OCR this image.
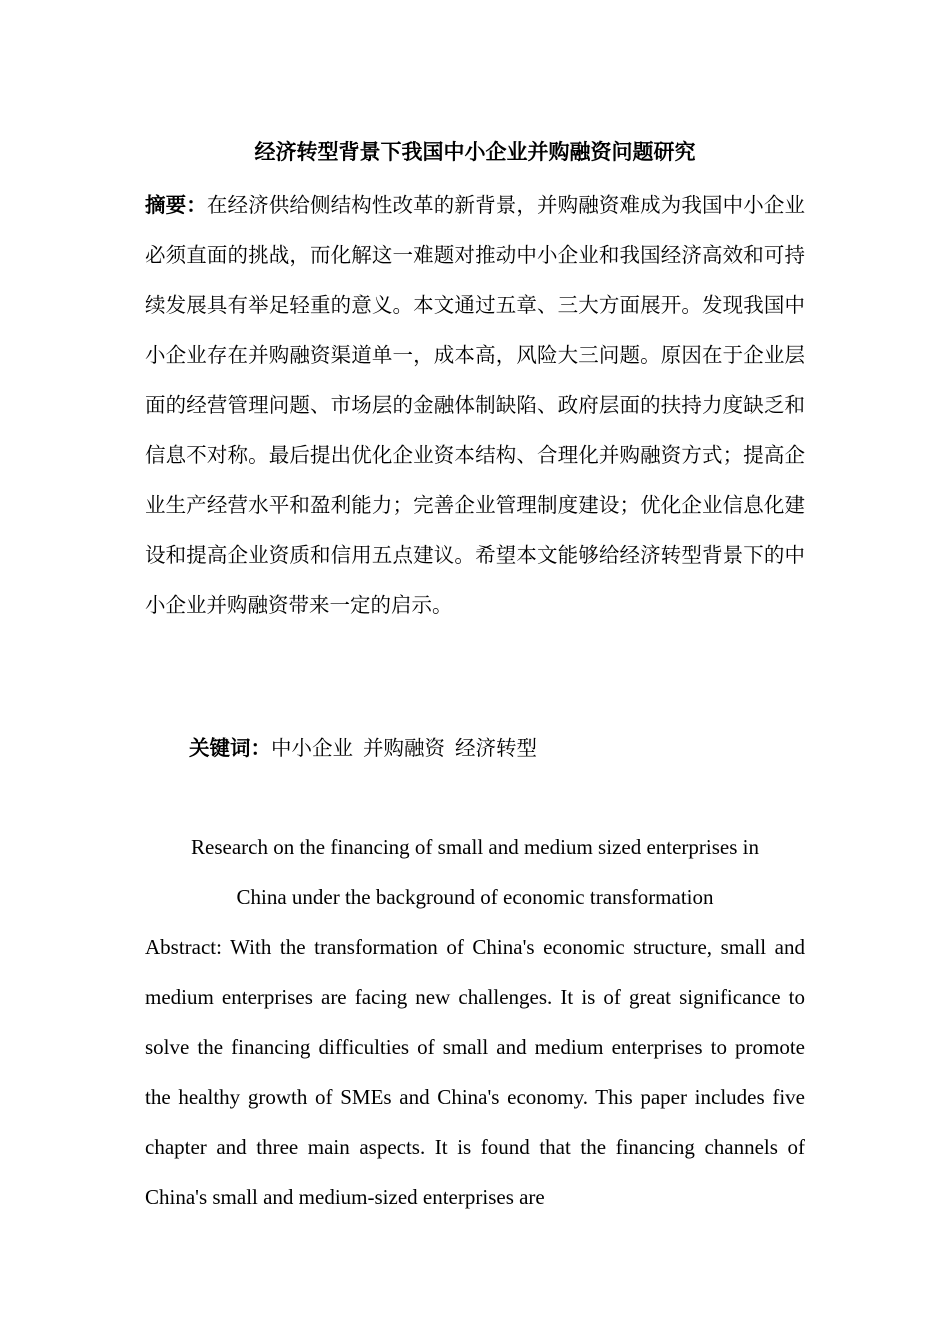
经济转型背景下我国中小企业并购融资问题研究
摘要：在经济供给侧结构性改革的新背景，并购融资难成为我国中小企业必须直面的挑战，而化解这一难题对推动中小企业和我国经济高效和可持续发展具有举足轻重的意义。本文通过五章、三大方面展开。发现我国中小企业存在并购融资渠道单一，成本高，风险大三问题。原因在于企业层面的经营管理问题、市场层的金融体制缺陷、政府层面的扶持力度缺乏和信息不对称。最后提出优化企业资本结构、合理化并购融资方式；提高企业生产经营水平和盈利能力；完善企业管理制度建设；优化企业信息化建设和提高企业资质和信用五点建议。希望本文能够给经济转型背景下的中小企业并购融资带来一定的启示。
关键词：中小企业 并购融资 经济转型
Research on the financing of small and medium sized enterprises in
China under the background of economic transformation
Abstract: With the transformation of China's economic structure, small and medium enterprises are facing new challenges. It is of great significance to solve the financing difficulties of small and medium enterprises to promote the healthy growth of SMEs and China's economy. This paper includes five chapter and three main aspects. It is found that the financing channels of China's small and medium-sized enterprises are
